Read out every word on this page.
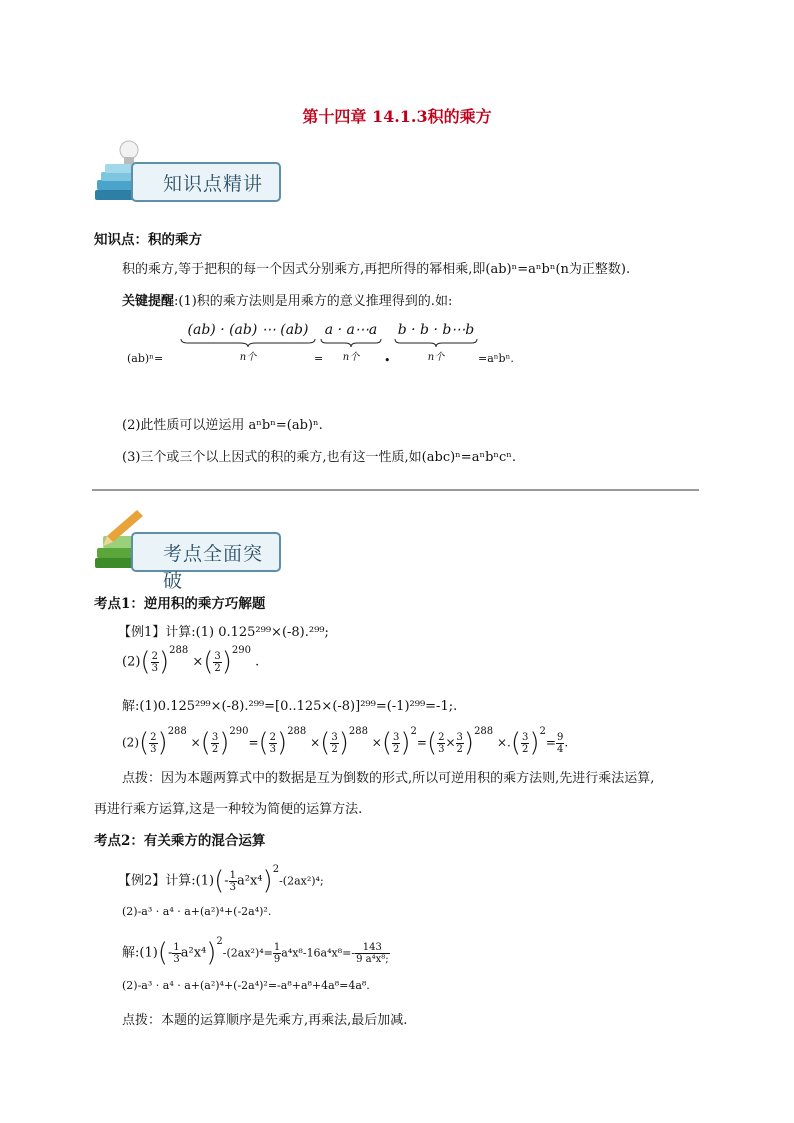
第十四章 14.1.3积的乘方
知识点精讲
知识点：积的乘方
积的乘方,等于把积的每一个因式分别乘方,再把所得的幂相乘,即(ab)ⁿ=aⁿbⁿ(n为正整数).
关键提醒:(1)积的乘方法则是用乘方的意义推理得到的.如:
(ab)ⁿ=
(ab) · (ab) ⋯ (ab)
n个	=
a · a⋯a
n个	•
b · b · b⋯b
n个	=aⁿbⁿ.
(2)此性质可以逆运用 aⁿbⁿ=(ab)ⁿ.
(3)三个或三个以上因式的积的乘方,也有这一性质,如(abc)ⁿ=aⁿbⁿcⁿ.
考点全面突破
考点1：逆用积的乘方巧解题
【例1】计算:(1) 0.125²⁹⁹×(-8).²⁹⁹;
$(2)( \frac{2}{3} )^{288}$ ×( $\frac{3}{2} )^{290}$ .
解:(1)0.125²⁹⁹×(-8).²⁹⁹=[0..125×(-8)]²⁹⁹=(-1)²⁹⁹=-1;.
$(2)( \frac{2}{3} )^{288}$ ×( $\frac{3}{2} )^{290}=( \frac{2}{3} )^{288}$ ×( $\frac{3}{2} )^{288}$ ×( $\frac{3}{2} )^2=( \frac{2}{3} \times \frac{3}{2} )^{288}$ ×.( $\frac{3}{2} )^2= \frac{9}{4}$ .
点拨：因为本题两算式中的数据是互为倒数的形式,所以可逆用积的乘方法则,先进行乘法运算,
再进行乘方运算,这是一种较为简便的运算方法.
考点2：有关乘方的混合运算
【例2】计算:(1)(- $\frac{1}{3} a^2x^4)^2-(2ax^2)^4$;
(2)-a³ · a⁴ · a+(a²)⁴+(-2a⁴)².
解:(1)(- $\frac{1}{3} a^2x^4)^2-(2ax^2)^4= \frac{1}{9} a^4x^8-16a^4x^8=- \frac{143}{\text{9 a⁴x⁸;}}$
(2)-a³ · a⁴ · a+(a²)⁴+(-2a⁴)²=-a⁸+a⁸+4a⁸=4a⁸.
点拨：本题的运算顺序是先乘方,再乘法,最后加减.
